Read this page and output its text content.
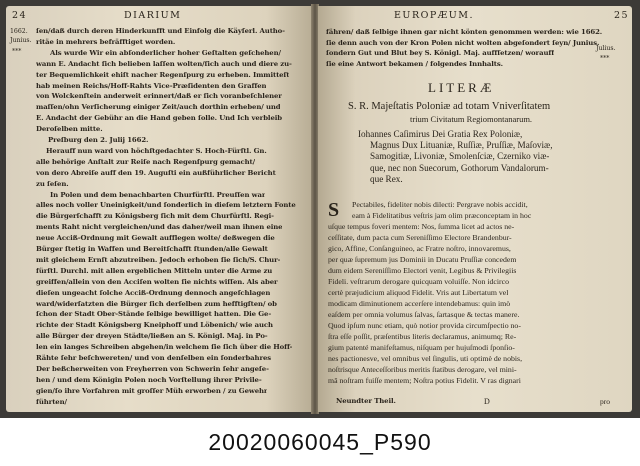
24	DIARIUM
1662.
Junius.
***
ſen/daß durch deren Hinderkunfft und Einfolg die Käyſerl. Autho-
ritäe in mehrers befräfftiget worden.
Als wurde Wir ein abſonderlicher hoher Geſtalten geſchehen/
wann E. Andacht ſich belieben laſſen wolten/ſich auch und diere zu-
ter Bequemlichkeit ehiſt nacher Regenſpurg zu erheben. Immitteſt
hab meinen Reichs/Hoff-Rahts Vice-Præſidenten den Graffen
von Wolckenſtein anderweit erinnert/daß er ſich voranbeſchlener
maſſen/ohn Verſicherung einiger Zeit/auch dorthin erheben/ und
E. Andacht der Gebühr an die Hand geben ſolle. Und Ich verbleib
Deroſelben mitte.
Preſburg den 2. Julij 1662.
Herauff nun ward von höchſtgedachter S. Hoch-Fürſtl. Gn.
alle behörige Anſtalt zur Reiſe nach Regenſpurg gemacht/
von dero Abreiſe auff den 19. Auguſti ein außführlicher Bericht
zu ſeſen.
In Polen und dem benachbarten Churfürſtl. Preuſſen war
alles noch voller Uneinigkeit/und ſonderlich in dieſem letztern Fonte
die Bürgerſchafft zu Königsberg ſich mit dem Churfürſtl. Regi-
ments Raht nicht vergleichen/und das daher/weil man ihnen eine
neue Acciß-Ordnung mit Gewalt aufflegen wolte/ deßwegen die
Bürger ſtetig in Waffen und Bereitſchafft ſtunden/alle Gewalt
mit gleichem Ernſt abzutreiben. Jedoch erhoben ſie ſich/S. Chur-
fürſtl. Durchl. mit allen ergeblichen Mitteln unter die Arme zu
greiffen/allein von den Acciſen wolten ſie nichts wiſſen. Als aber
dieſen ungeacht ſolche Acciß-Ordnung dennoch angeſchlagen
ward/widerſatzten die Bürger ſich derſelben zum hefftigſten/ ob
ſchon der Stadt Ober-Stände ſelbige bewilliget hatten. Die Ge-
richte der Stadt Königsberg Kneiphoff und Löbenich/ wie auch
alle Bürger der dreyen Städte/ließen an S. Königl. Maj. in Po-
len ein langes Schreiben abgehen/in welchem ſie ſich über die Hoff-
Rähte ſehr beſchwereten/ und von denſelben ein ſonderbahres
Der beßcherweiten von Freyherren von Schwerin ſehr angeſe-
hen / und dem Königin Polen noch Vorſtellung ihrer Privile-
gien/ſo ihre Vorfahren mit groſſer Müh erworben / zu Gewehr
führten/
EUROPÆUM.	25
Julius.
***
fähren/ daß ſelbige ihnen gar nicht könten genommen werden: wie 1662.
ſie denn auch von der Kron Polen nicht wolten abgeſondert ſeyn/ Junius.
ſondern Gut und Blut bey S. Königl. Maj. auffſetzen/ worauff
ſie eine Antwort bekamen / folgendes Innhalts.
LITERÆ
S. R. Majeſtatis Poloniæ ad totam Vniverſitatem
trium Civitatum Regiomontanarum.
Iohannes Caſimirus Dei Gratia Rex Poloniæ,
Magnus Dux Lituaniæ, Ruſſiæ, Pruſſiæ, Maſoviæ,
Samogitiæ, Livoniæ, Smolenſciæ, Czerniko viæ-
que, nec non Suecorum, Gothorum Vandalorum-
que Rex.
S Pectabiles, fideliter nobis dilecti: Pergrave nobis accidit,
eam à Fidelitatibus veſtris jam olim præconceptam in hoc
uſque tempus foveri mentem: Nos, ſumma licet ad actos ne-
ceſſitate, dum pacta cum Sereniſſimo Electore Brandenbur-
gico, Affine, Conſanguineo, ac Fratre noſtro, innovaremus,
per quæ ſupremum jus Dominii in Ducatu Pruſſiæ concedem
dum eidem Sereniſſimo Electori venit, Legibus & Privilegiis
Fideli. veſtrarum derogare quicquam voluiſſe. Non idcirco
certè præjudicium aliquod Fidelit. Vris aut Libertatum vel
modicam diminutionem accerſere intendebamus: quin imò
eaſdem per omnia volumus ſalvas, ſartasque & tectas manere.
Quod ipſum nunc etiam, quò notior provida circumſpectio no-
ſtra eſſe poſſit, præſentibus literis declaramus, animumq; Re-
gium patenté manifeſtamus, niſquam per hujuſmodi ſponſio-
nes pactionesve, vel omnibus vel ſingulis, uti optimè de nobis,
noſtrisque Anteceſſoribus meritis ſtatibus derogare, vel mini-
mâ noſtram fuiſſe mentem; Noſtra potius Fidelit. V ras dignari
Neundter Theil.	D	pro
20020060045_P590
